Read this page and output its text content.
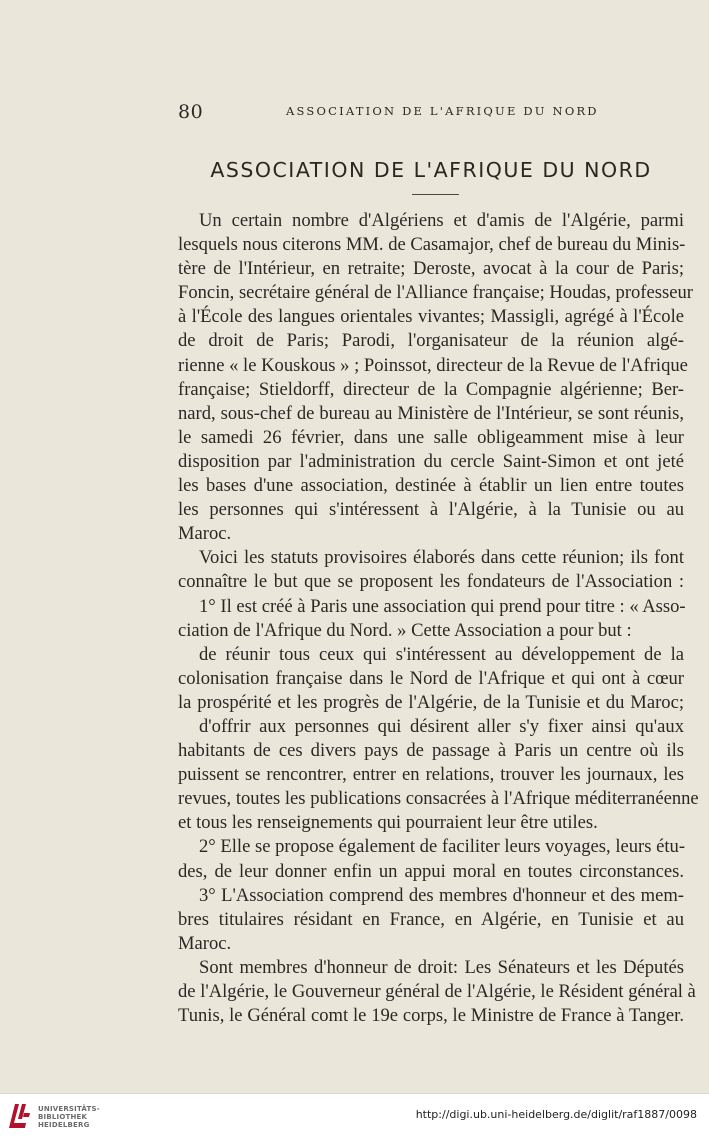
80	ASSOCIATION DE L'AFRIQUE DU NORD
ASSOCIATION DE L'AFRIQUE DU NORD
Un certain nombre d'Algériens et d'amis de l'Algérie, parmi
lesquels nous citerons MM. de Casamajor, chef de bureau du Minis-
tère de l'Intérieur, en retraite; Deroste, avocat à la cour de Paris;
Foncin, secrétaire général de l'Alliance française; Houdas, professeur
à l'École des langues orientales vivantes; Massigli, agrégé à l'École
de droit de Paris; Parodi, l'organisateur de la réunion algé-
rienne « le Kouskous » ; Poinssot, directeur de la Revue de l'Afrique
française; Stieldorff, directeur de la Compagnie algérienne; Ber-
nard, sous-chef de bureau au Ministère de l'Intérieur, se sont réunis,
le samedi 26 février, dans une salle obligeamment mise à leur
disposition par l'administration du cercle Saint-Simon et ont jeté
les bases d'une association, destinée à établir un lien entre toutes
les personnes qui s'intéressent à l'Algérie, à la Tunisie ou au
Maroc.
Voici les statuts provisoires élaborés dans cette réunion; ils font
connaître le but que se proposent les fondateurs de l'Association :
1° Il est créé à Paris une association qui prend pour titre : « Asso-
ciation de l'Afrique du Nord. » Cette Association a pour but :
de réunir tous ceux qui s'intéressent au développement de la
colonisation française dans le Nord de l'Afrique et qui ont à cœur
la prospérité et les progrès de l'Algérie, de la Tunisie et du Maroc;
d'offrir aux personnes qui désirent aller s'y fixer ainsi qu'aux
habitants de ces divers pays de passage à Paris un centre où ils
puissent se rencontrer, entrer en relations, trouver les journaux, les
revues, toutes les publications consacrées à l'Afrique méditerranéenne
et tous les renseignements qui pourraient leur être utiles.
2° Elle se propose également de faciliter leurs voyages, leurs étu-
des, de leur donner enfin un appui moral en toutes circonstances.
3° L'Association comprend des membres d'honneur et des mem-
bres titulaires résidant en France, en Algérie, en Tunisie et au
Maroc.
Sont membres d'honneur de droit: Les Sénateurs et les Députés
de l'Algérie, le Gouverneur général de l'Algérie, le Résident général à
Tunis, le Général comt le 19e corps, le Ministre de France à Tanger.
UNIVERSITÄTS-
BIBLIOTHEK
HEIDELBERG
http://digi.ub.uni-heidelberg.de/diglit/raf1887/0098
